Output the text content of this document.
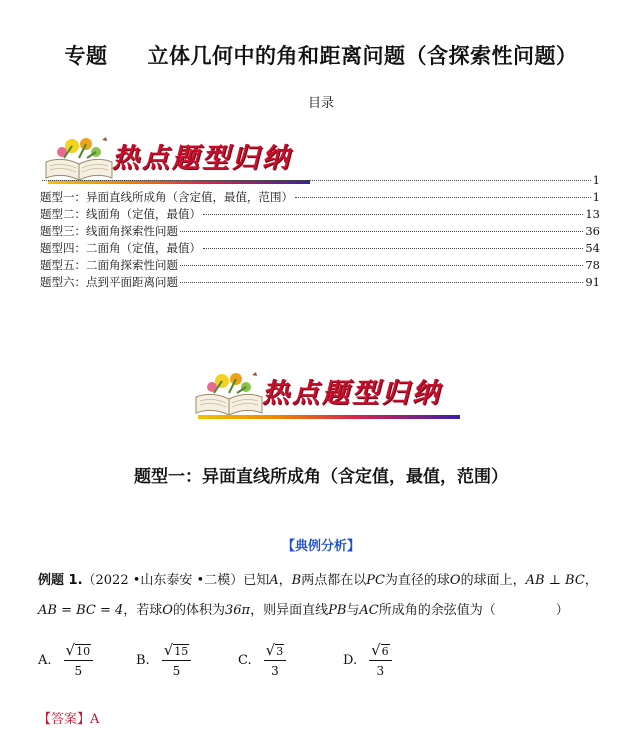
专题 立体几何中的角和距离问题（含探索性问题）
目录
热点题型归纳
1
题型一：异面直线所成角（含定值，最值，范围）	1
题型二：线面角（定值，最值）	13
题型三：线面角探索性问题	36
题型四：二面角（定值，最值）	54
题型五：二面角探索性问题	78
题型六：点到平面距离问题	91
热点题型归纳
题型一：异面直线所成角（含定值，最值，范围）
【典例分析】
例题 1.（2022 •山东泰安 •二模）已知A，B两点都在以PC为直径的球O的球面上，AB ⊥ BC，
AB = BC = 4，若球O的体积为36π，则异面直线PB与AC所成角的余弦值为（	）
A. $\frac{√ 10}{5}$	B. $\frac{√ 15}{5}$	C. $\frac{√ 3}{3}$	D. $\frac{√ 6}{3}$
【答案】A
